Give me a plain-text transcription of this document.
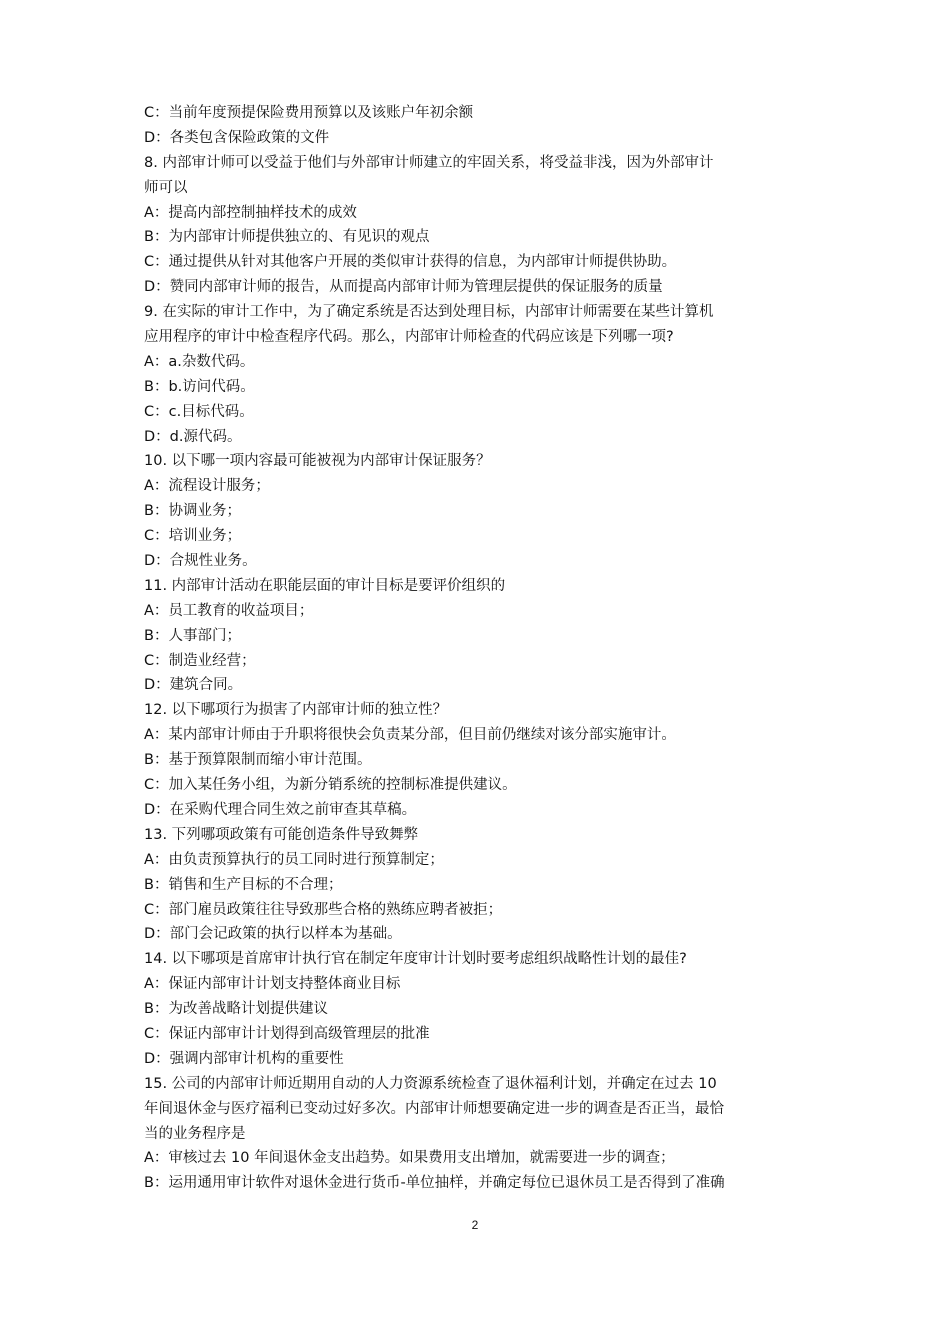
C：当前年度预提保险费用预算以及该账户年初余额
D：各类包含保险政策的文件
8. 内部审计师可以受益于他们与外部审计师建立的牢固关系，将受益非浅，因为外部审计
师可以
A：提高内部控制抽样技术的成效
B：为内部审计师提供独立的、有见识的观点
C：通过提供从针对其他客户开展的类似审计获得的信息，为内部审计师提供协助。
D：赞同内部审计师的报告，从而提高内部审计师为管理层提供的保证服务的质量
9. 在实际的审计工作中，为了确定系统是否达到处理目标，内部审计师需要在某些计算机
应用程序的审计中检查程序代码。那么，内部审计师检查的代码应该是下列哪一项?
A：a.杂数代码。
B：b.访问代码。
C：c.目标代码。
D：d.源代码。
10. 以下哪一项内容最可能被视为内部审计保证服务？
A：流程设计服务；
B：协调业务；
C：培训业务；
D：合规性业务。
11. 内部审计活动在职能层面的审计目标是要评价组织的
A：员工教育的收益项目；
B：人事部门；
C：制造业经营；
D：建筑合同。
12. 以下哪项行为损害了内部审计师的独立性？
A：某内部审计师由于升职将很快会负责某分部，但目前仍继续对该分部实施审计。
B：基于预算限制而缩小审计范围。
C：加入某任务小组，为新分销系统的控制标准提供建议。
D：在采购代理合同生效之前审查其草稿。
13. 下列哪项政策有可能创造条件导致舞弊
A：由负责预算执行的员工同时进行预算制定；
B：销售和生产目标的不合理；
C：部门雇员政策往往导致那些合格的熟练应聘者被拒；
D：部门会记政策的执行以样本为基础。
14. 以下哪项是首席审计执行官在制定年度审计计划时要考虑组织战略性计划的最佳?
A：保证内部审计计划支持整体商业目标
B：为改善战略计划提供建议
C：保证内部审计计划得到高级管理层的批准
D：强调内部审计机构的重要性
15. 公司的内部审计师近期用自动的人力资源系统检查了退休福利计划，并确定在过去 10
年间退休金与医疗福利已变动过好多次。内部审计师想要确定进一步的调查是否正当，最恰
当的业务程序是
A：审核过去 10 年间退休金支出趋势。如果费用支出增加，就需要进一步的调查；
B：运用通用审计软件对退休金进行货币-单位抽样，并确定每位已退休员工是否得到了准确
2
